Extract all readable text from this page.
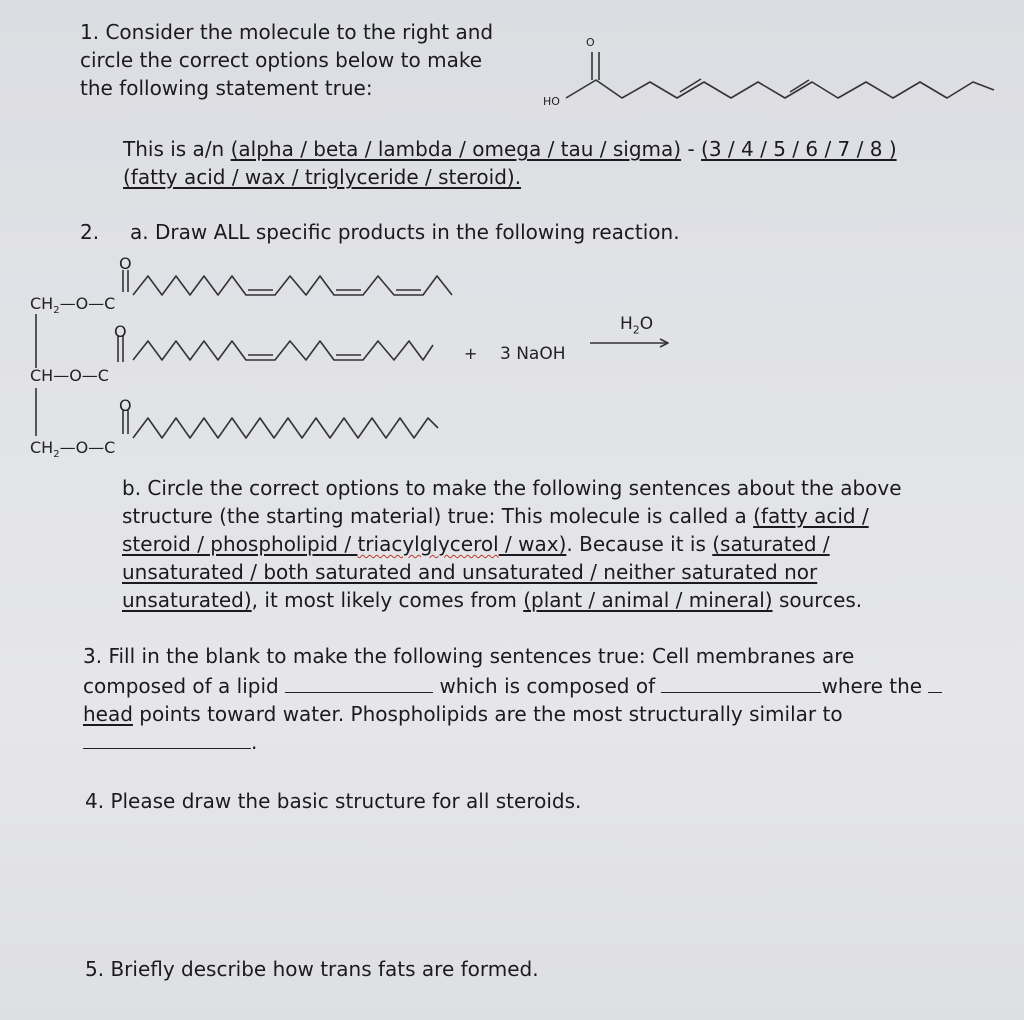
1. Consider the molecule to the right and

circle the correct options below to make

the following statement true:

O
HO

This is a/n (alpha / beta / lambda / omega / tau / sigma) - (3 / 4 / 5 / 6 / 7 / 8 )

(fatty acid / wax / triglyceride / steroid).

2. a. Draw ALL specific products in the following reaction.

O
O
O
$CH_2—O—C$
CH—O—C
$CH_2—O—C$
+ 3 NaOH
$H_2O$

b. Circle the correct options to make the following sentences about the above

structure (the starting material) true: This molecule is called a (fatty acid /

steroid / phospholipid / triacylglycerol / wax). Because it is (saturated /

unsaturated / both saturated and unsaturated / neither saturated nor

unsaturated), it most likely comes from (plant / animal / mineral) sources.

3. Fill in the blank to make the following sentences true: Cell membranes are

composed of a lipid	which is composed of	where the

head points toward water. Phospholipids are the most structurally similar to

.

4. Please draw the basic structure for all steroids.

5. Briefly describe how trans fats are formed.
